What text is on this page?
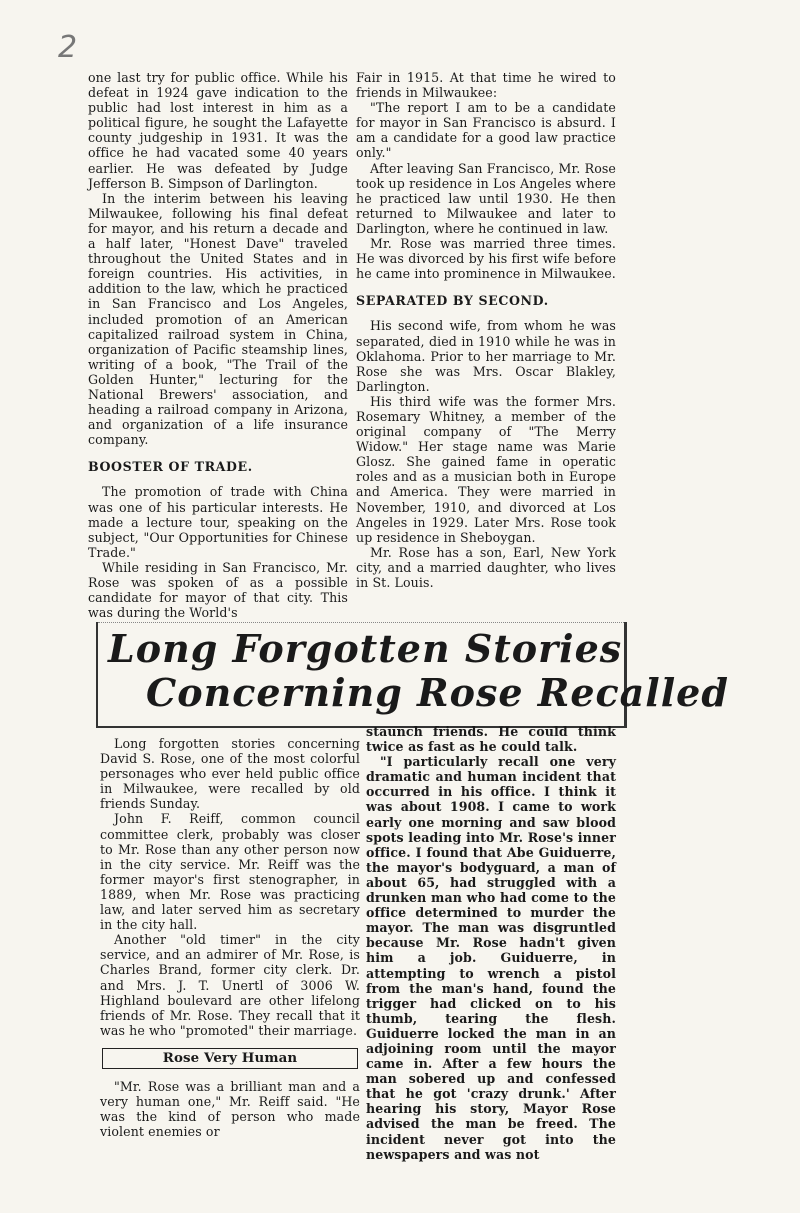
2

one last try for public office. While his defeat in 1924 gave indication to the public had lost interest in him as a political figure, he sought the Lafayette county judgeship in 1931. It was the office he had vacated some 40 years earlier. He was defeated by Judge Jefferson B. Simpson of Darlington.

In the interim between his leaving Milwaukee, following his final defeat for mayor, and his return a decade and a half later, "Honest Dave" traveled throughout the United States and in foreign countries. His activities, in addition to the law, which he practiced in San Francisco and Los Angeles, included promotion of an American capitalized railroad system in China, organization of Pacific steamship lines, writing of a book, "The Trail of the Golden Hunter," lecturing for the National Brewers' association, and heading a railroad company in Arizona, and organization of a life insurance company.

BOOSTER OF TRADE.

The promotion of trade with China was one of his particular interests. He made a lecture tour, speaking on the subject, "Our Opportunities for Chinese Trade."

While residing in San Francisco, Mr. Rose was spoken of as a possible candidate for mayor of that city. This was during the World's

Fair in 1915. At that time he wired to friends in Milwaukee:

"The report I am to be a candidate for mayor in San Francisco is absurd. I am a candidate for a good law practice only."

After leaving San Francisco, Mr. Rose took up residence in Los Angeles where he practiced law until 1930. He then returned to Milwaukee and later to Darlington, where he continued in law.

Mr. Rose was married three times. He was divorced by his first wife before he came into prominence in Milwaukee.

SEPARATED BY SECOND.

His second wife, from whom he was separated, died in 1910 while he was in Oklahoma. Prior to her marriage to Mr. Rose she was Mrs. Oscar Blakley, Darlington.

His third wife was the former Mrs. Rosemary Whitney, a member of the original company of "The Merry Widow." Her stage name was Marie Glosz. She gained fame in operatic roles and as a musician both in Europe and America. They were married in November, 1910, and divorced at Los Angeles in 1929. Later Mrs. Rose took up residence in Sheboygan.

Mr. Rose has a son, Earl, New York city, and a married daughter, who lives in St. Louis.

Long Forgotten Stories
Concerning Rose Recalled

Long forgotten stories concerning David S. Rose, one of the most colorful personages who ever held public office in Milwaukee, were recalled by old friends Sunday.

John F. Reiff, common council committee clerk, probably was closer to Mr. Rose than any other person now in the city service. Mr. Reiff was the former mayor's first stenographer, in 1889, when Mr. Rose was practicing law, and later served him as secretary in the city hall.

Another "old timer" in the city service, and an admirer of Mr. Rose, is Charles Brand, former city clerk. Dr. and Mrs. J. T. Unertl of 3006 W. Highland boulevard are other lifelong friends of Mr. Rose. They recall that it was he who "promoted" their marriage.

Rose Very Human

"Mr. Rose was a brilliant man and a very human one," Mr. Reiff said. "He was the kind of person who made violent enemies or

staunch friends. He could think twice as fast as he could talk.

"I particularly recall one very dramatic and human incident that occurred in his office. I think it was about 1908. I came to work early one morning and saw blood spots leading into Mr. Rose's inner office. I found that Abe Guiduerre, the mayor's bodyguard, a man of about 65, had struggled with a drunken man who had come to the office determined to murder the mayor. The man was disgruntled because Mr. Rose hadn't given him a job. Guiduerre, in attempting to wrench a pistol from the man's hand, found the trigger had clicked on to his thumb, tearing the flesh. Guiduerre locked the man in an adjoining room until the mayor came in. After a few hours the man sobered up and confessed that he got 'crazy drunk.' After hearing his story, Mayor Rose advised the man be freed. The incident never got into the newspapers and was not
